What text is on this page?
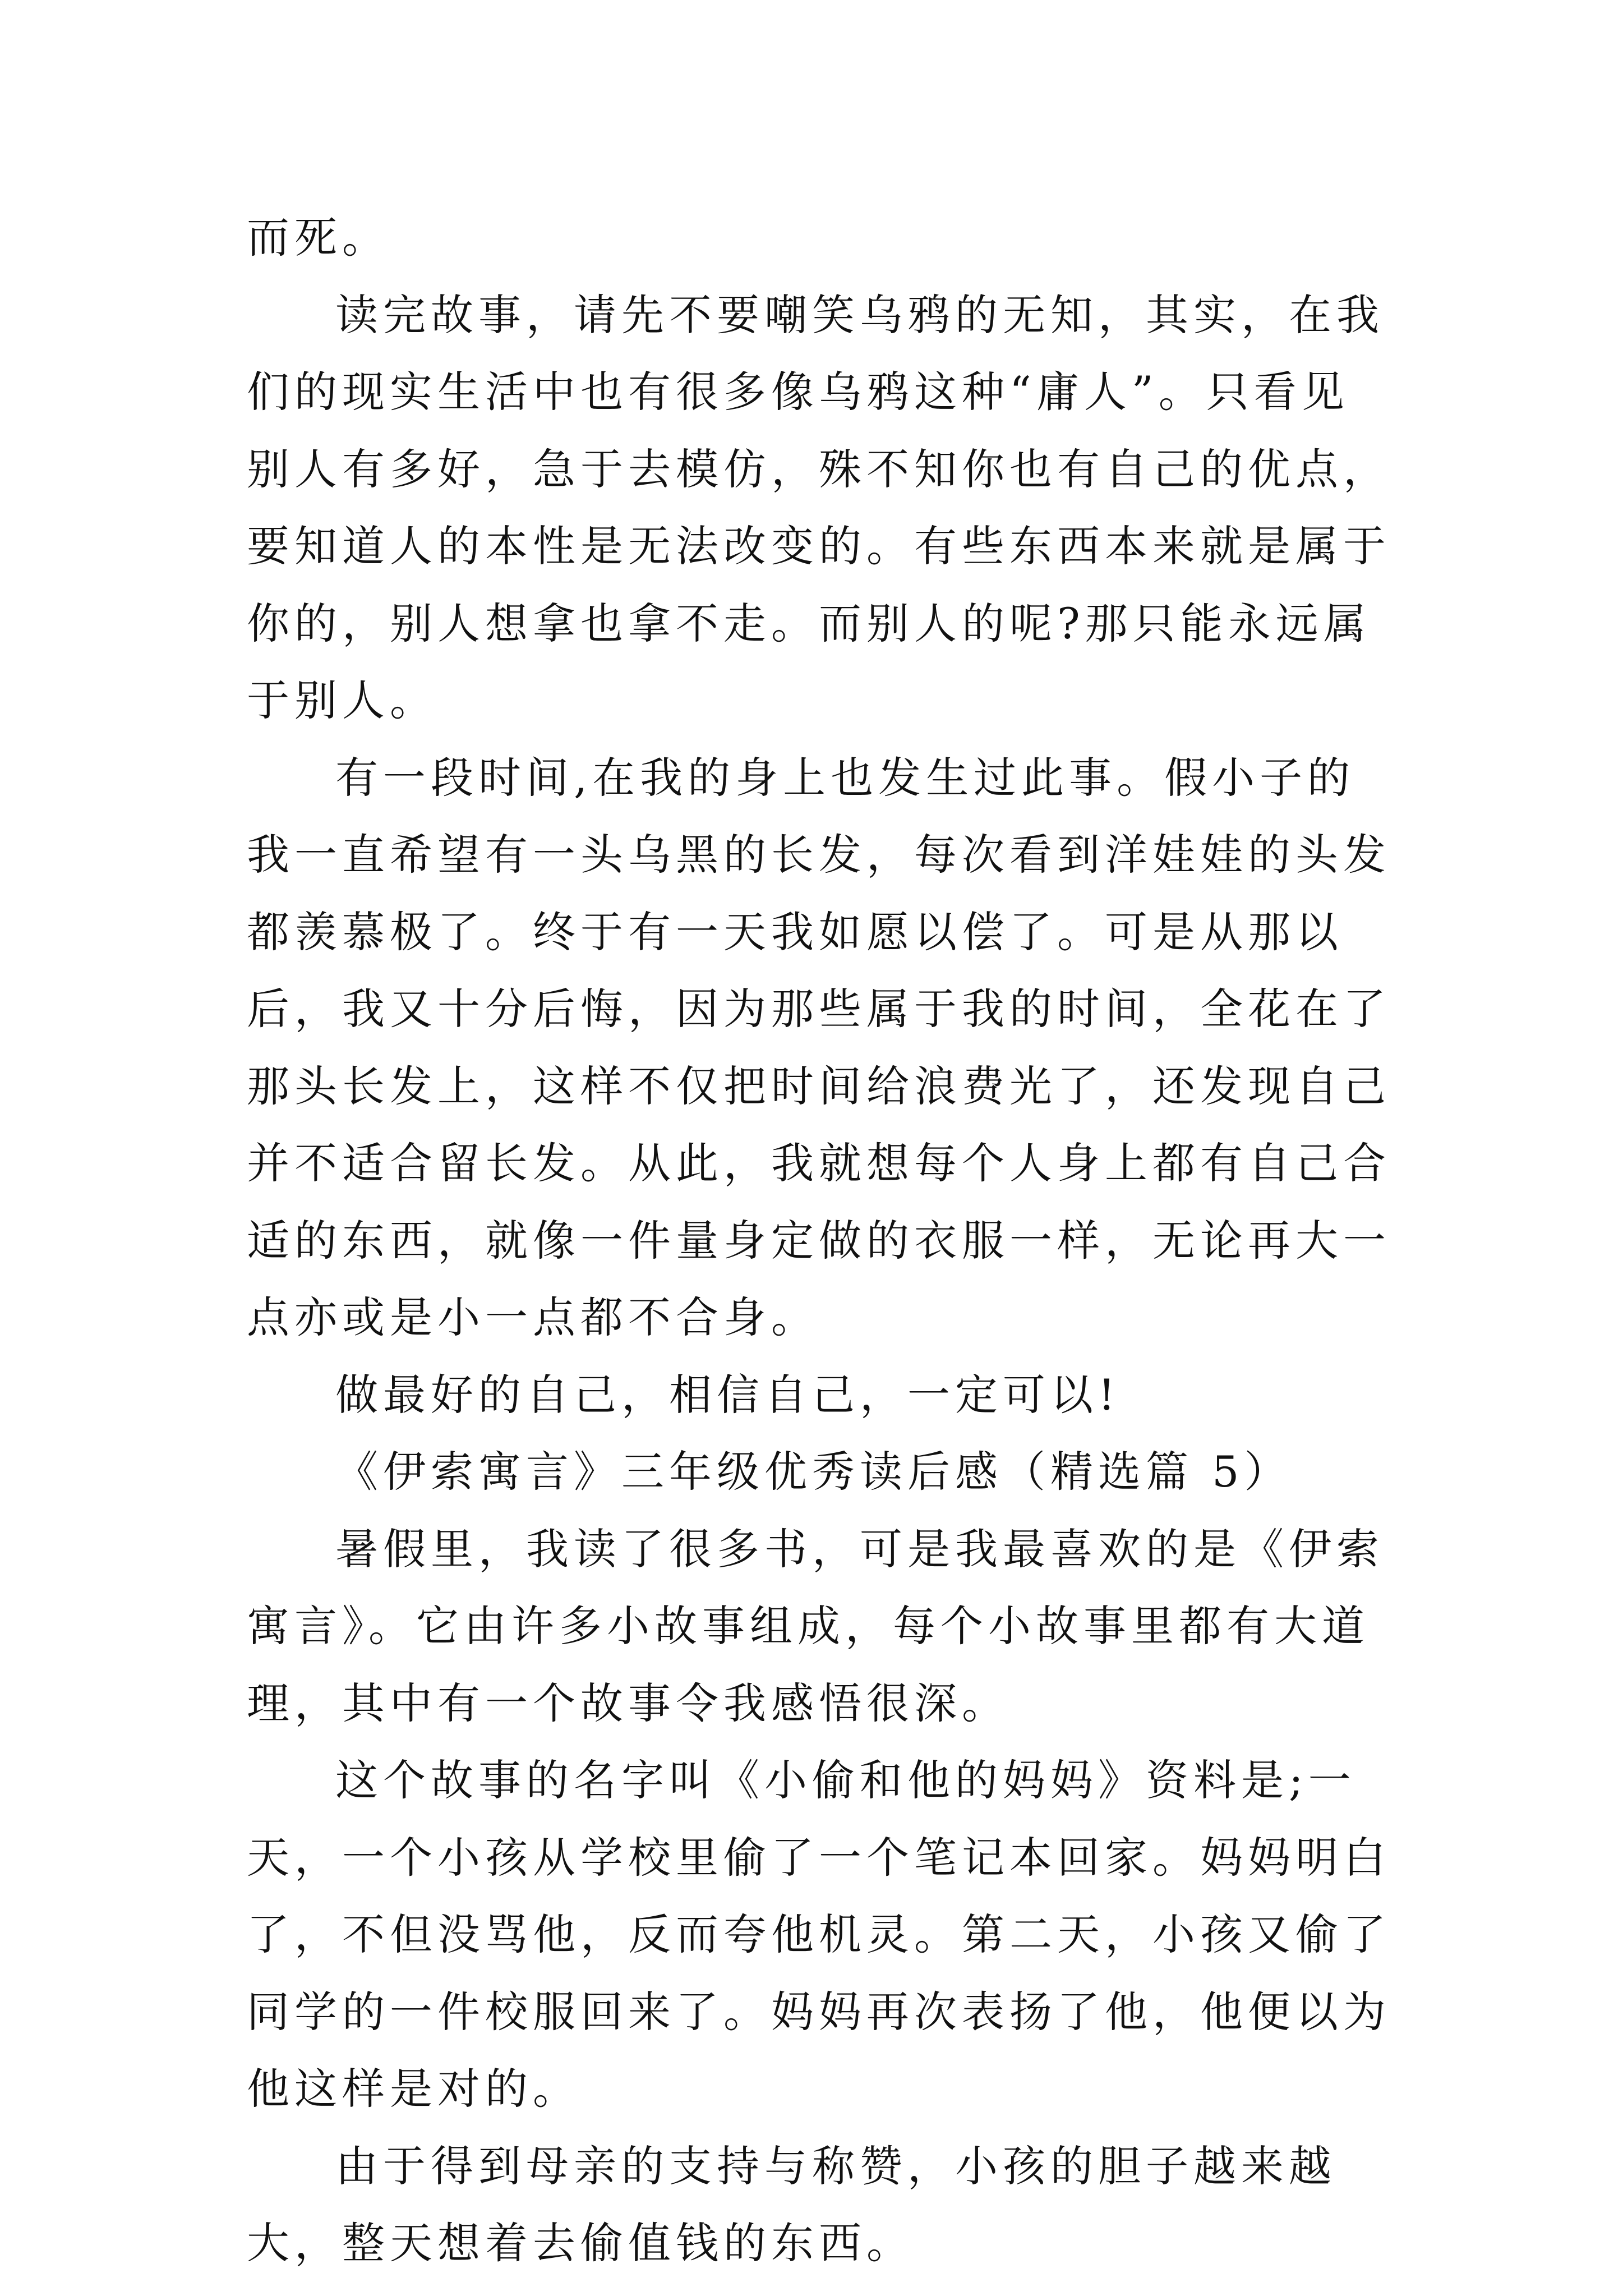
而死。

读完故事，请先不要嘲笑乌鸦的无知，其实，在我们的现实生活中也有很多像乌鸦这种“庸人”。只看见别人有多好，急于去模仿，殊不知你也有自己的优点，要知道人的本性是无法改变的。有些东西本来就是属于你的，别人想拿也拿不走。而别人的呢?那只能永远属于别人。

有一段时间,在我的身上也发生过此事。假小子的我一直希望有一头乌黑的长发，每次看到洋娃娃的头发都羡慕极了。终于有一天我如愿以偿了。可是从那以后，我又十分后悔，因为那些属于我的时间，全花在了那头长发上，这样不仅把时间给浪费光了，还发现自己并不适合留长发。从此，我就想每个人身上都有自己合适的东西，就像一件量身定做的衣服一样，无论再大一点亦或是小一点都不合身。

做最好的自己，相信自己，一定可以!

《伊索寓言》三年级优秀读后感（精选篇 5）

暑假里，我读了很多书，可是我最喜欢的是《伊索寓言》。它由许多小故事组成，每个小故事里都有大道理，其中有一个故事令我感悟很深。

这个故事的名字叫《小偷和他的妈妈》资料是;一天，一个小孩从学校里偷了一个笔记本回家。妈妈明白了，不但没骂他，反而夸他机灵。第二天，小孩又偷了同学的一件校服回来了。妈妈再次表扬了他，他便以为他这样是对的。

由于得到母亲的支持与称赞，小孩的胆子越来越大，整天想着去偷值钱的东西。
